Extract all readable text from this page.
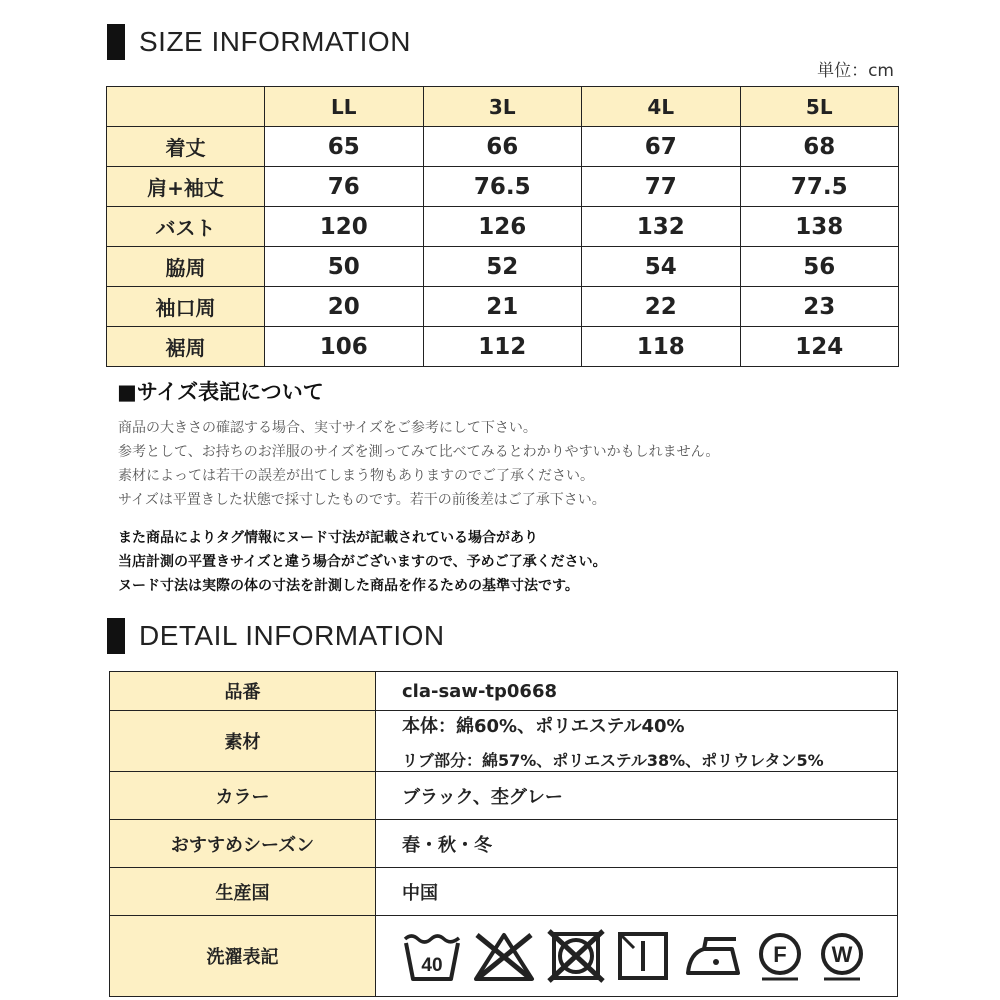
SIZE INFORMATION
単位：cm
	LL	3L	4L	5L
着丈	65	66	67	68
肩+袖丈	76	76.5	77	77.5
バスト	120	126	132	138
脇周	50	52	54	56
袖口周	20	21	22	23
裾周	106	112	118	124
■サイズ表記について
商品の大きさの確認する場合、実寸サイズをご参考にして下さい。
参考として、お持ちのお洋服のサイズを測ってみて比べてみるとわかりやすいかもしれません。
素材によっては若干の誤差が出てしまう物もありますのでご了承ください。
サイズは平置きした状態で採寸したものです。若干の前後差はご了承下さい。
また商品によりタグ情報にヌード寸法が記載されている場合があり
当店計測の平置きサイズと違う場合がございますので、予めご了承ください。
ヌード寸法は実際の体の寸法を計測した商品を作るための基準寸法です。
DETAIL INFORMATION
品番	cla-saw-tp0668
素材	本体：綿60%、ポリエステル40%
リブ部分：綿57%、ポリエステル38%、ポリウレタン5%

カラー	ブラック、杢グレー
おすすめシーズン	春・秋・冬
生産国	中国
洗濯表記	40 F W
